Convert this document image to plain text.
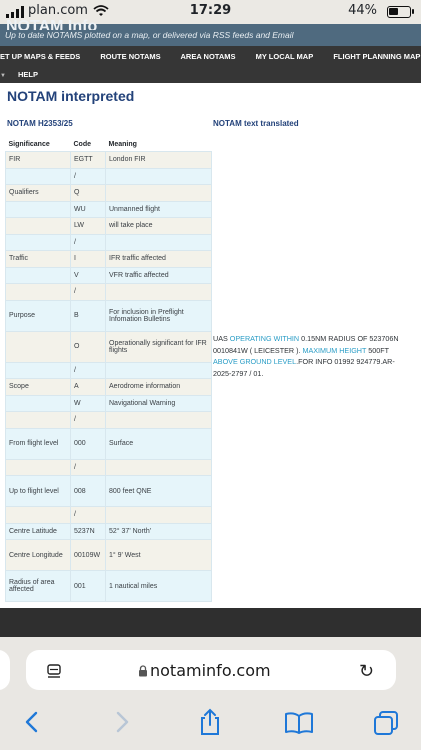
plan.com	17:29	44%
NOTAM Info
Up to date NOTAMS plotted on a map, or delivered via RSS feeds and Email
ET UP MAPS & FEEDS	ROUTE NOTAMS	AREA NOTAMS	MY LOCAL MAP	FLIGHT PLANNING MAP
▼ HELP
NOTAM interpreted
NOTAM H2353/25	NOTAM text translated
Significance	Code	Meaning
FIR	EGTT	London FIR
	/	
Qualifiers	Q	
	WU	Unmanned flight
	LW	will take place
	/	
Traffic	I	IFR traffic affected
	V	VFR traffic affected
	/	
Purpose	B	For inclusion in Preflight Infomation Bulletins
	O	Operationally significant for IFR flights
	/	
Scope	A	Aerodrome information
	W	Navigational Warning
	/	
From flight level	000	Surface
	/	
Up to flight level	008	800 feet QNE
	/	
Centre Latitude	5237N	52° 37' North'
Centre Longitude	00109W	1° 9' West
Radius of area affected	001	1 nautical miles
UAS OPERATING WITHIN 0.15NM RADIUS OF 523706N 0010841W ( LEICESTER ). MAXIMUM HEIGHT 500FT ABOVE GROUND LEVEL.FOR INFO 01992 924779.AR-2025-2797 / 01.
notaminfo.com	↻
